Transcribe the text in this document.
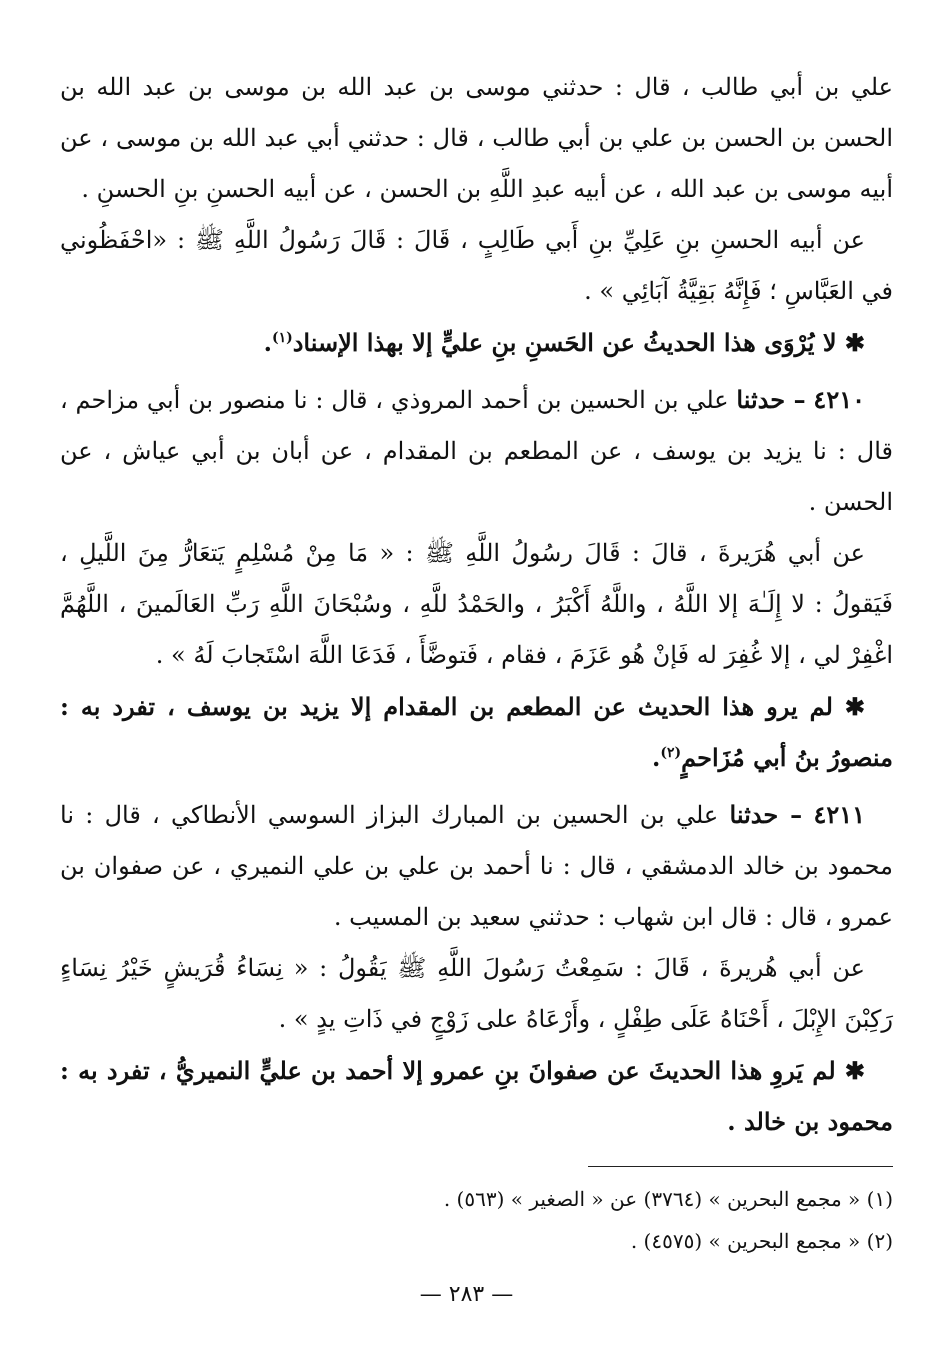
علي بن أبي طالب ، قال : حدثني موسى بن عبد الله بن موسى بن عبد الله بن الحسن بن الحسن بن علي بن أبي طالب ، قال : حدثني أبي عبد الله بن موسى ، عن أبيه موسى بن عبد الله ، عن أبيه عبدِ اللَّهِ بن الحسن ، عن أبيه الحسنِ بنِ الحسنِ .

عن أبيه الحسنِ بنِ عَلِيِّ بنِ أَبي طَالِبٍ ، قَالَ : قَالَ رَسُولُ اللَّهِ ﷺ : «احْفَظُوني في العَبَّاسِ ؛ فَإِنَّهُ بَقِيَّةُ آبَائِي » .

✱ لا يُرْوَى هذا الحديثُ عن الحَسنِ بنِ عليٍّ إلا بهذا الإسناد$^{(١)}$.

٤٢١٠ – حدثنا علي بن الحسين بن أحمد المروذي ، قال : نا منصور بن أبي مزاحم ، قال : نا يزيد بن يوسف ، عن المطعم بن المقدام ، عن أبان بن أبي عياش ، عن الحسن .

عن أبي هُرَيرةَ ، قالَ : قَالَ رسُولُ اللَّهِ ﷺ : « مَا مِنْ مُسْلِمٍ يَتعَارُّ مِنَ اللَّيلِ ، فَيَقولُ : لا إِلَـٰهَ إلا اللَّهُ ، واللَّهُ أَكْبَرُ ، والحَمْدُ للَّهِ ، وسُبْحَانَ اللَّهِ رَبِّ العَالَمينَ ، اللَّهُمَّ اغْفِرْ لي ، إلا غُفِرَ له فَإنْ هُو عَزَمَ ، فقام ، فَتوضَّأَ ، فَدَعَا اللَّهَ اسْتَجابَ لَهُ » .

✱ لم يرو هذا الحديث عن المطعم بن المقدام إلا يزيد بن يوسف ، تفرد به : منصورُ بنُ أبي مُزَاحمٍ$^{(٢)}$.

٤٢١١ – حدثنا علي بن الحسين بن المبارك البزاز السوسي الأنطاكي ، قال : نا محمود بن خالد الدمشقي ، قال : نا أحمد بن علي بن علي النميري ، عن صفوان بن عمرو ، قال : قال ابن شهاب : حدثني سعيد بن المسيب .

عن أبي هُريرةَ ، قَالَ : سَمِعْتُ رَسُولَ اللَّهِ ﷺ يَقُولُ : « نِسَاءُ قُرَيشٍ خَيْرُ نِسَاءٍ رَكِبْنَ الإِبْلَ ، أَحْنَاهُ عَلَى طِفْلٍ ، وأَرْعَاهُ على زَوْجٍ في ذَاتِ يدٍ » .

✱ لم يَروِ هذا الحديثَ عن صفوانَ بنِ عمرو إلا أحمد بن عليٍّ النميريُّ ، تفرد به : محمود بن خالد .

(١) « مجمع البحرين » (٣٧٦٤) عن « الصغير » (٥٦٣) .

(٢) « مجمع البحرين » (٤٥٧٥) .

— ٢٨٣ —
